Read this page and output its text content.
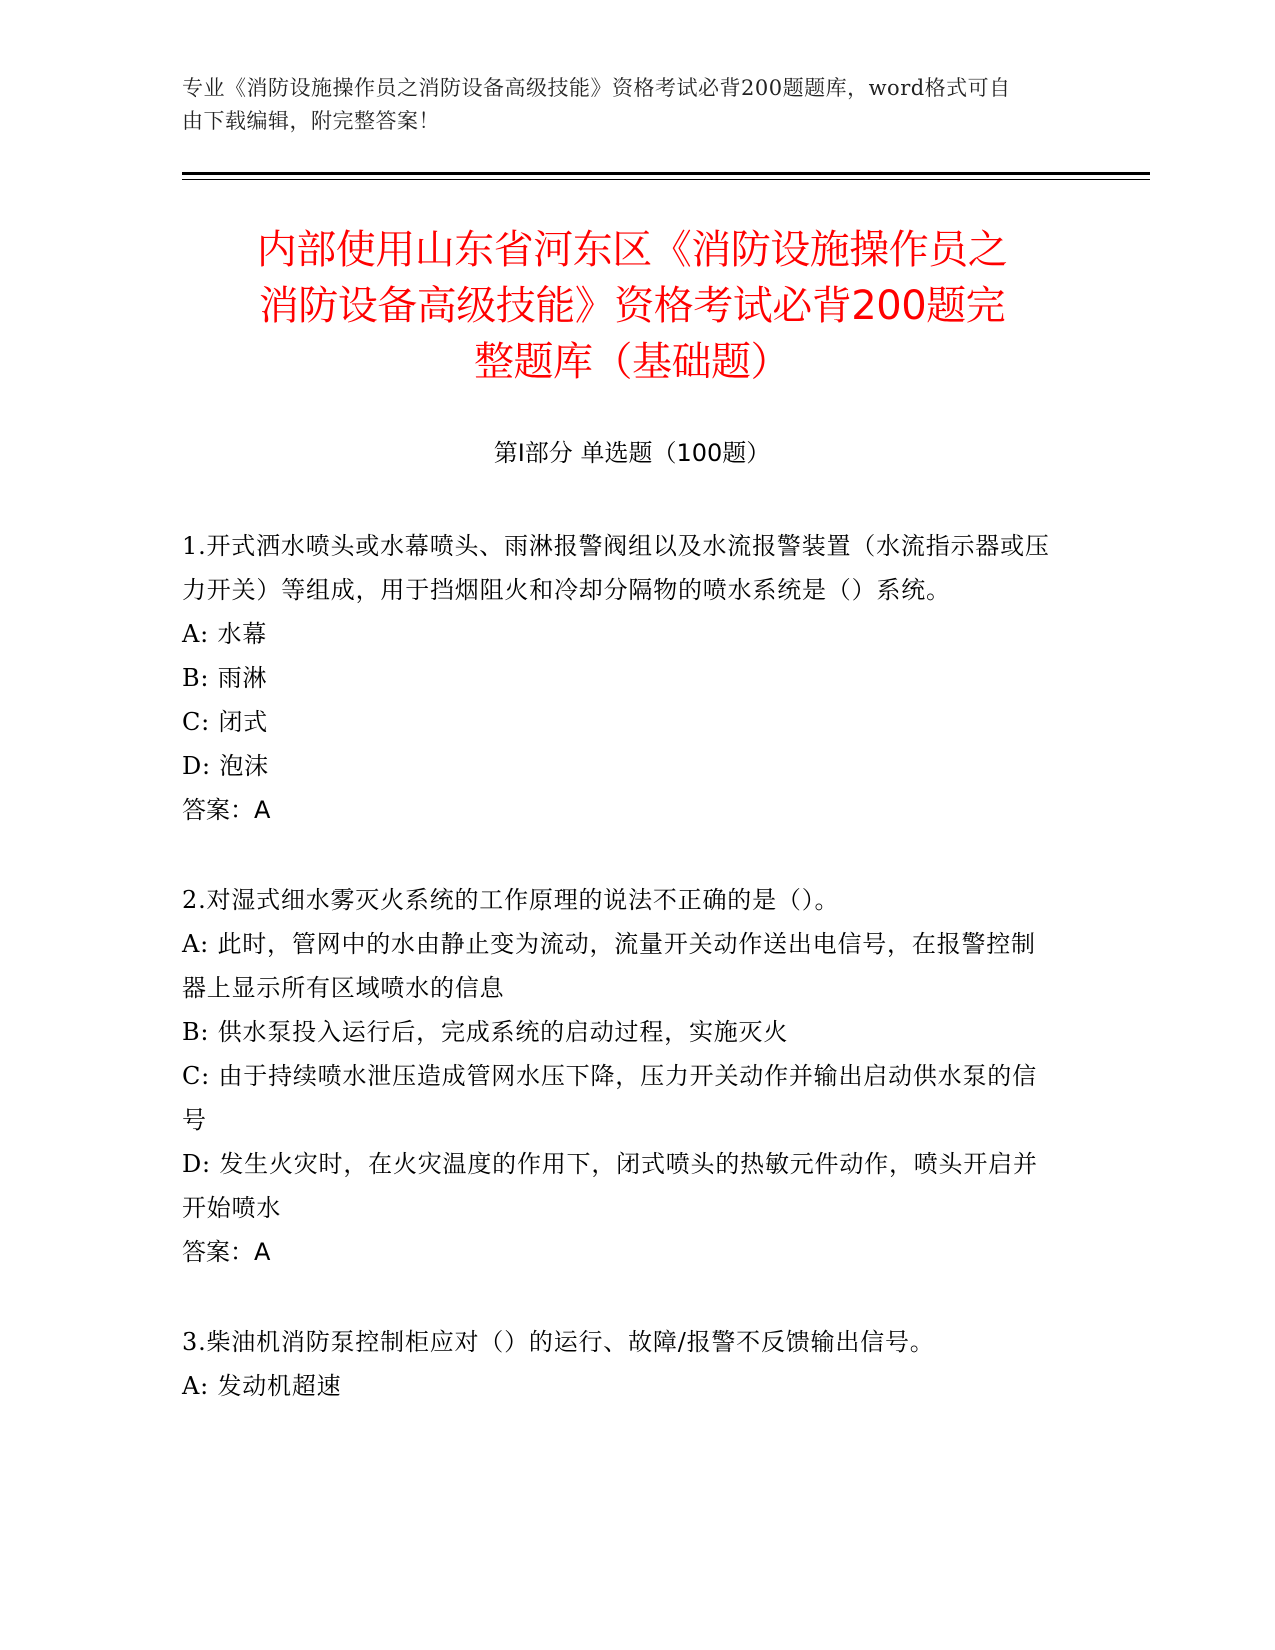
专业《消防设施操作员之消防设备高级技能》资格考试必背200题题库，word格式可自由下载编辑，附完整答案！
内部使用山东省河东区《消防设施操作员之
消防设备高级技能》资格考试必背200题完
整题库（基础题）
第Ⅰ部分 单选题（100题）
1.开式洒水喷头或水幕喷头、雨淋报警阀组以及水流报警装置（水流指示器或压力开关）等组成，用于挡烟阻火和冷却分隔物的喷水系统是（）系统。
A: 水幕
B: 雨淋
C: 闭式
D: 泡沫
答案：A
2.对湿式细水雾灭火系统的工作原理的说法不正确的是（）。
A: 此时，管网中的水由静止变为流动，流量开关动作送出电信号，在报警控制器上显示所有区域喷水的信息
B: 供水泵投入运行后，完成系统的启动过程，实施灭火
C: 由于持续喷水泄压造成管网水压下降，压力开关动作并输出启动供水泵的信号
D: 发生火灾时，在火灾温度的作用下，闭式喷头的热敏元件动作，喷头开启并开始喷水
答案：A
3.柴油机消防泵控制柜应对（）的运行、故障/报警不反馈输出信号。
A: 发动机超速
